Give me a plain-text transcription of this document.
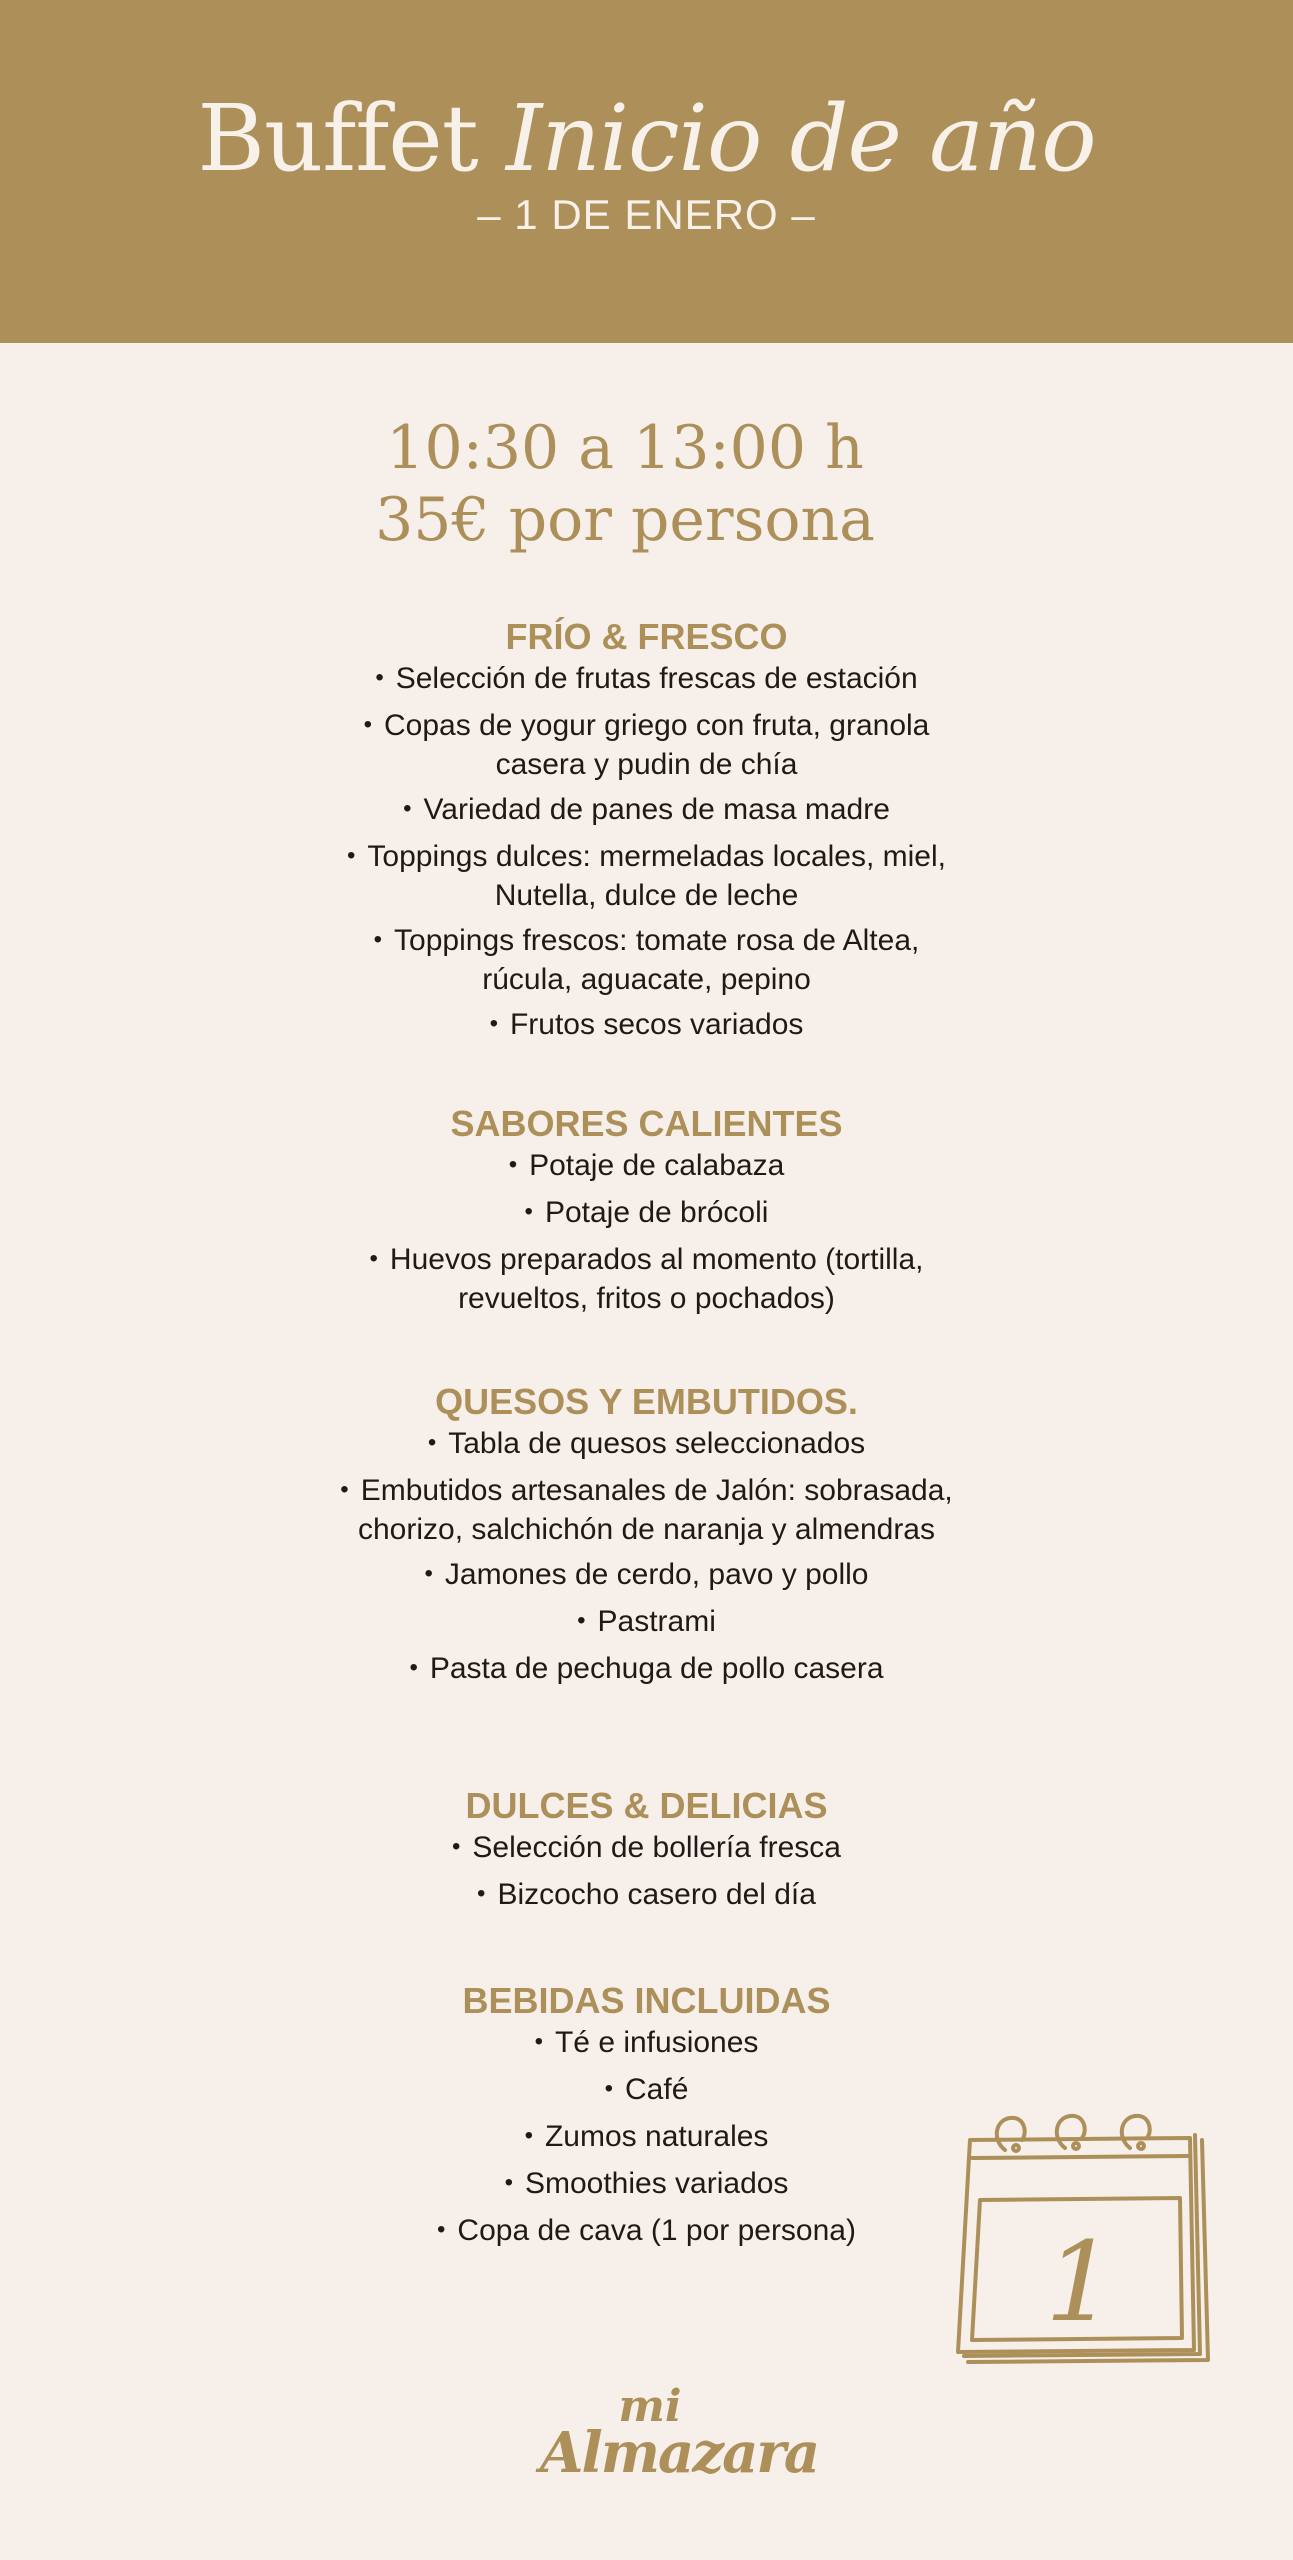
Buffet Inicio de año
– 1 DE ENERO –
10:30 a 13:00 h
35€ por persona
FRÍO & FRESCO
• Selección de frutas frescas de estación
• Copas de yogur griego con fruta, granola casera y pudin de chía
• Variedad de panes de masa madre
• Toppings dulces: mermeladas locales, miel, Nutella, dulce de leche
• Toppings frescos: tomate rosa de Altea, rúcula, aguacate, pepino
• Frutos secos variados
SABORES CALIENTES
• Potaje de calabaza
• Potaje de brócoli
• Huevos preparados al momento (tortilla, revueltos, fritos o pochados)
QUESOS Y EMBUTIDOS.
• Tabla de quesos seleccionados
• Embutidos artesanales de Jalón: sobrasada, chorizo, salchichón de naranja y almendras
• Jamones de cerdo, pavo y pollo
• Pastrami
• Pasta de pechuga de pollo casera
DULCES & DELICIAS
• Selección de bollería fresca
• Bizcocho casero del día
BEBIDAS INCLUIDAS
• Té e infusiones
• Café
• Zumos naturales
• Smoothies variados
• Copa de cava (1 por persona)	1
mi
Almazara
